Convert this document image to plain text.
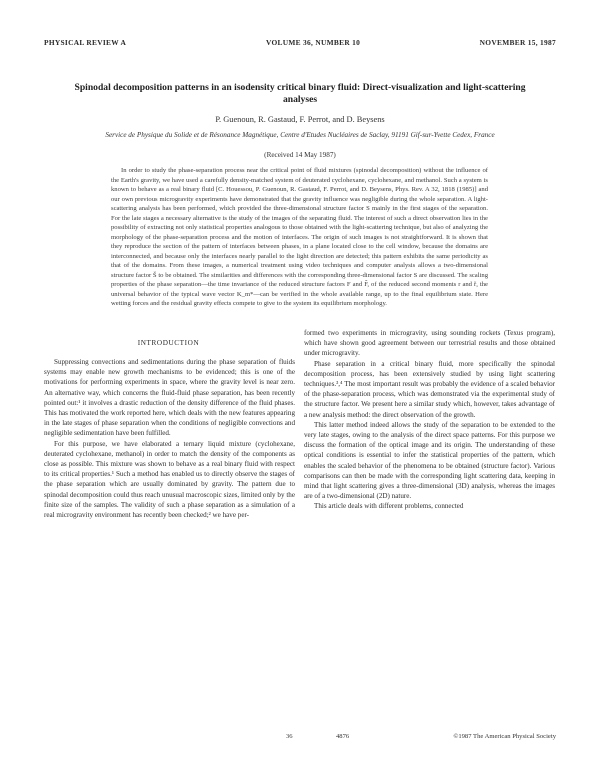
PHYSICAL REVIEW A	VOLUME 36, NUMBER 10	NOVEMBER 15, 1987
Spinodal decomposition patterns in an isodensity critical binary fluid: Direct-visualization and light-scattering analyses
P. Guenoun, R. Gastaud, F. Perrot, and D. Beysens
Service de Physique du Solide et de Résonance Magnétique, Centre d'Etudes Nucléaires de Saclay, 91191 Gif-sur-Yvette Cedex, France
(Received 14 May 1987)

In order to study the phase-separation process near the critical point of fluid mixtures (spinodal decomposition) without the influence of the Earth's gravity, we have used a carefully density-matched system of deuterated cyclohexane, cyclohexane, and methanol. Such a system is known to behave as a real binary fluid [C. Houessou, P. Guenoun, R. Gastaud, F. Perrot, and D. Beysens, Phys. Rev. A 32, 1818 (1985)] and our own previous microgravity experiments have demonstrated that the gravity influence was negligible during the whole separation. A light-scattering analysis has been performed, which provided the three-dimensional structure factor S mainly in the first stages of the separation. For the late stages a necessary alternative is the study of the images of the separating fluid. The interest of such a direct observation lies in the possibility of extracting not only statistical properties analogous to those obtained with the light-scattering technique, but also of analyzing the morphology of the phase-separation process and the motion of interfaces. The origin of such images is not straightforward. It is shown that they reproduce the section of the pattern of interfaces between phases, in a plane located close to the cell window, because the domains are interconnected, and because only the interfaces nearly parallel to the light direction are detected; this pattern exhibits the same periodicity as that of the domains. From these images, a numerical treatment using video techniques and computer analysis allows a two-dimensional structure factor Š to be obtained. The similarities and differences with the corresponding three-dimensional factor S are discussed. The scaling properties of the phase separation—the time invariance of the reduced structure factors F and F̌, of the reduced second moments r and ř, the universal behavior of the typical wave vector K_m*—can be verified in the whole available range, up to the final equilibrium state. Here wetting forces and the residual gravity effects compete to give to the system its equilibrium morphology.

INTRODUCTION

Suppressing convections and sedimentations during the phase separation of fluids systems may enable new growth mechanisms to be evidenced; this is one of the motivations for performing experiments in space, where the gravity level is near zero. An alternative way, which concerns the fluid-fluid phase separation, has been recently pointed out:¹ it involves a drastic reduction of the density difference of the fluid phases. This has motivated the work reported here, which deals with the new features appearing in the late stages of phase separation when the conditions of negligible convections and negligible sedimentation have been fulfilled.

For this purpose, we have elaborated a ternary liquid mixture (cyclohexane, deuterated cyclohexane, methanol) in order to match the density of the components as close as possible. This mixture was shown to behave as a real binary fluid with respect to its critical properties.¹ Such a method has enabled us to directly observe the stages of the phase separation which are usually dominated by gravity. The pattern due to spinodal decomposition could thus reach unusual macroscopic sizes, limited only by the finite size of the samples. The validity of such a phase separation as a simulation of a real microgravity environment has recently been checked;² we have per-

formed two experiments in microgravity, using sounding rockets (Texus program), which have shown good agreement between our terrestrial results and those obtained under microgravity.

Phase separation in a critical binary fluid, more specifically the spinodal decomposition process, has been extensively studied by using light scattering techniques.³,⁴ The most important result was probably the evidence of a scaled behavior of the phase-separation process, which was demonstrated via the experimental study of the structure factor. We present here a similar study which, however, takes advantage of a new analysis method: the direct observation of the growth.

This latter method indeed allows the study of the separation to be extended to the very late stages, owing to the analysis of the direct space patterns. For this purpose we discuss the formation of the optical image and its origin. The understanding of these optical conditions is essential to infer the statistical properties of the pattern, which enables the scaled behavior of the phenomena to be obtained (structure factor). Various comparisons can then be made with the corresponding light scattering data, keeping in mind that light scattering gives a three-dimensional (3D) analysis, whereas the images are of a two-dimensional (2D) nature.

This article deals with different problems, connected

36	4876	©1987 The American Physical Society
